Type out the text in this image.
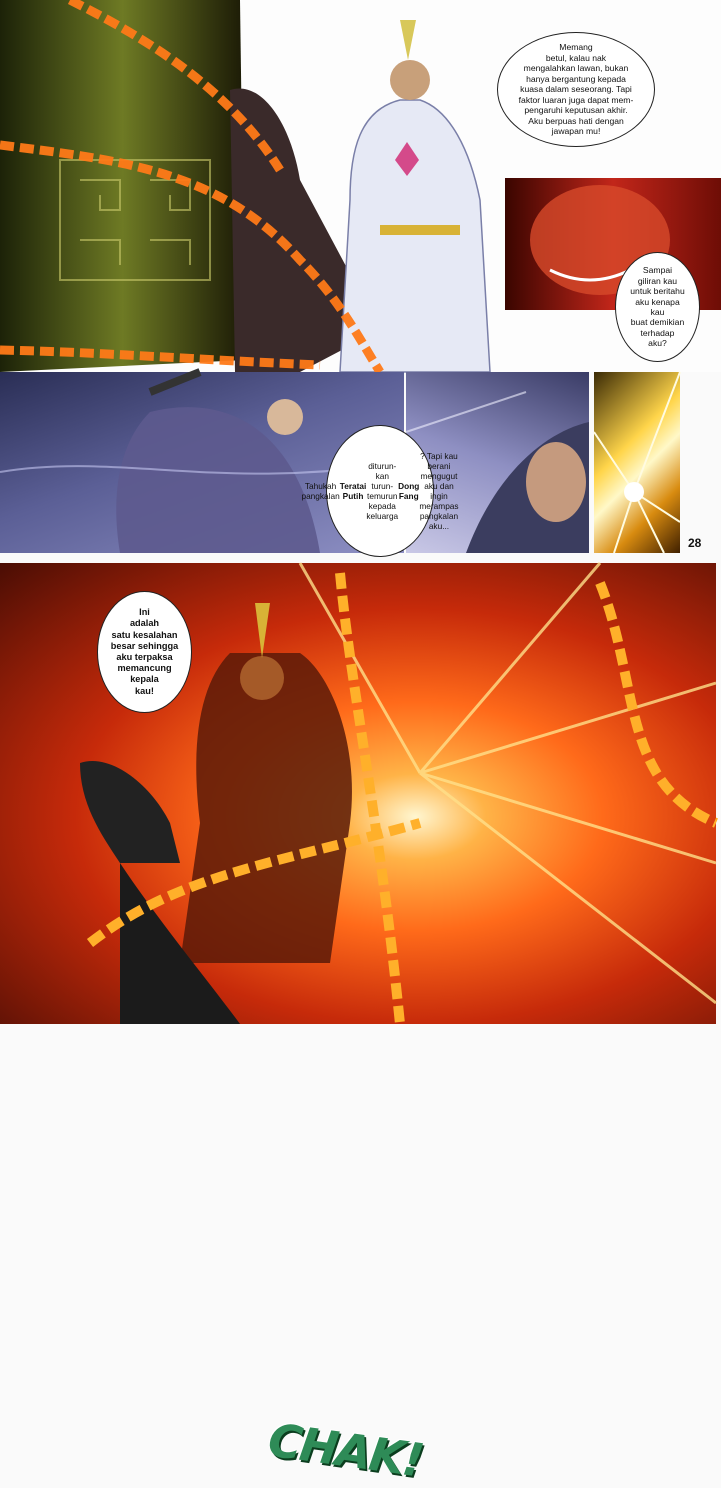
Memang
betul, kalau nak
mengalahkan lawan, bukan
hanya bergantung kepada
kuasa dalam seseorang. Tapi
faktor luaran juga dapat mem-
pengaruhi keputusan akhir.
Aku berpuas hati dengan
jawapan mu!
Sampai
giliran kau
untuk beritahu
aku kenapa kau
buat demikian
terhadap
aku?
Tahukah
pangkalan

Teratai Putih
diturun-
kan turun-temurun
kepada keluarga
Dong
Fang
? Tapi kau berani
mengugut aku dan
ingin merampas
pangkalan
aku...
28
CHAK!
Ini
adalah
satu kesalahan
besar sehingga
aku terpaksa
memancung
kepala
kau!
